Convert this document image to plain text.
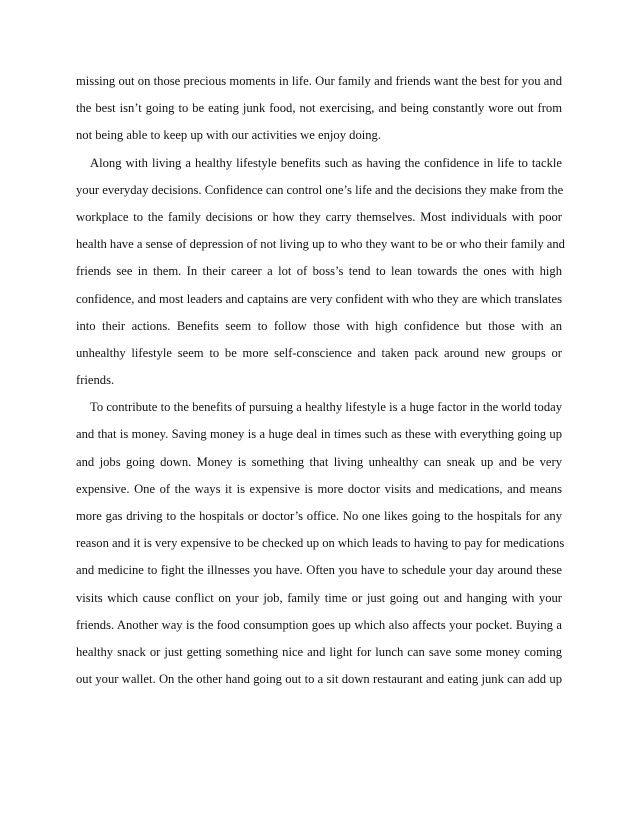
missing out on those precious moments in life. Our family and friends want the best for you and
the best isn’t going to be eating junk food, not exercising, and being constantly wore out from
not being able to keep up with our activities we enjoy doing.
Along with living a healthy lifestyle benefits such as having the confidence in life to tackle
your everyday decisions. Confidence can control one’s life and the decisions they make from the
workplace to the family decisions or how they carry themselves. Most individuals with poor
health have a sense of depression of not living up to who they want to be or who their family and
friends see in them. In their career a lot of boss’s tend to lean towards the ones with high
confidence, and most leaders and captains are very confident with who they are which translates
into their actions. Benefits seem to follow those with high confidence but those with an
unhealthy lifestyle seem to be more self-conscience and taken pack around new groups or
friends.
To contribute to the benefits of pursuing a healthy lifestyle is a huge factor in the world today
and that is money. Saving money is a huge deal in times such as these with everything going up
and jobs going down. Money is something that living unhealthy can sneak up and be very
expensive. One of the ways it is expensive is more doctor visits and medications, and means
more gas driving to the hospitals or doctor’s office. No one likes going to the hospitals for any
reason and it is very expensive to be checked up on which leads to having to pay for medications
and medicine to fight the illnesses you have. Often you have to schedule your day around these
visits which cause conflict on your job, family time or just going out and hanging with your
friends. Another way is the food consumption goes up which also affects your pocket. Buying a
healthy snack or just getting something nice and light for lunch can save some money coming
out your wallet. On the other hand going out to a sit down restaurant and eating junk can add up
